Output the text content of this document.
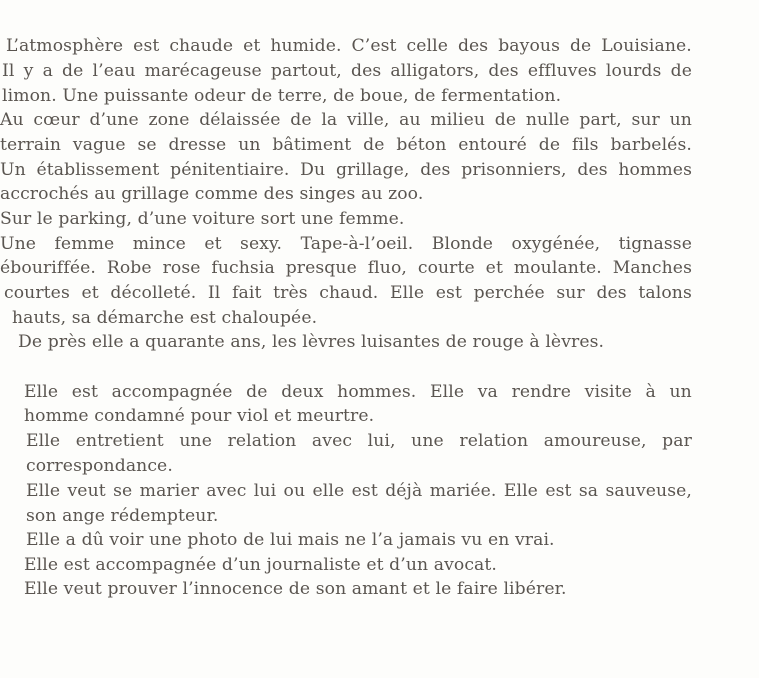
L’atmosphère est chaude et humide. C’est celle des bayous de Louisiane.
Il y a de l’eau marécageuse partout, des alligators, des effluves lourds de
limon. Une puissante odeur de terre, de boue, de fermentation.
Au cœur d’une zone délaissée de la ville, au milieu de nulle part, sur un
terrain vague se dresse un bâtiment de béton entouré de fils barbelés.
Un établissement pénitentiaire. Du grillage, des prisonniers, des hommes
accrochés au grillage comme des singes au zoo.
Sur le parking, d’une voiture sort une femme.
Une femme mince et sexy. Tape-à-l’oeil. Blonde oxygénée, tignasse
ébouriffée. Robe rose fuchsia presque fluo, courte et moulante. Manches
courtes et décolleté. Il fait très chaud. Elle est perchée sur des talons
hauts, sa démarche est chaloupée.
De près elle a quarante ans, les lèvres luisantes de rouge à lèvres.
Elle est accompagnée de deux hommes. Elle va rendre visite à un
homme condamné pour viol et meurtre.
Elle entretient une relation avec lui, une relation amoureuse, par
correspondance.
Elle veut se marier avec lui ou elle est déjà mariée. Elle est sa sauveuse,
son ange rédempteur.
Elle a dû voir une photo de lui mais ne l’a jamais vu en vrai.
Elle est accompagnée d’un journaliste et d’un avocat.
Elle veut prouver l’innocence de son amant et le faire libérer.
